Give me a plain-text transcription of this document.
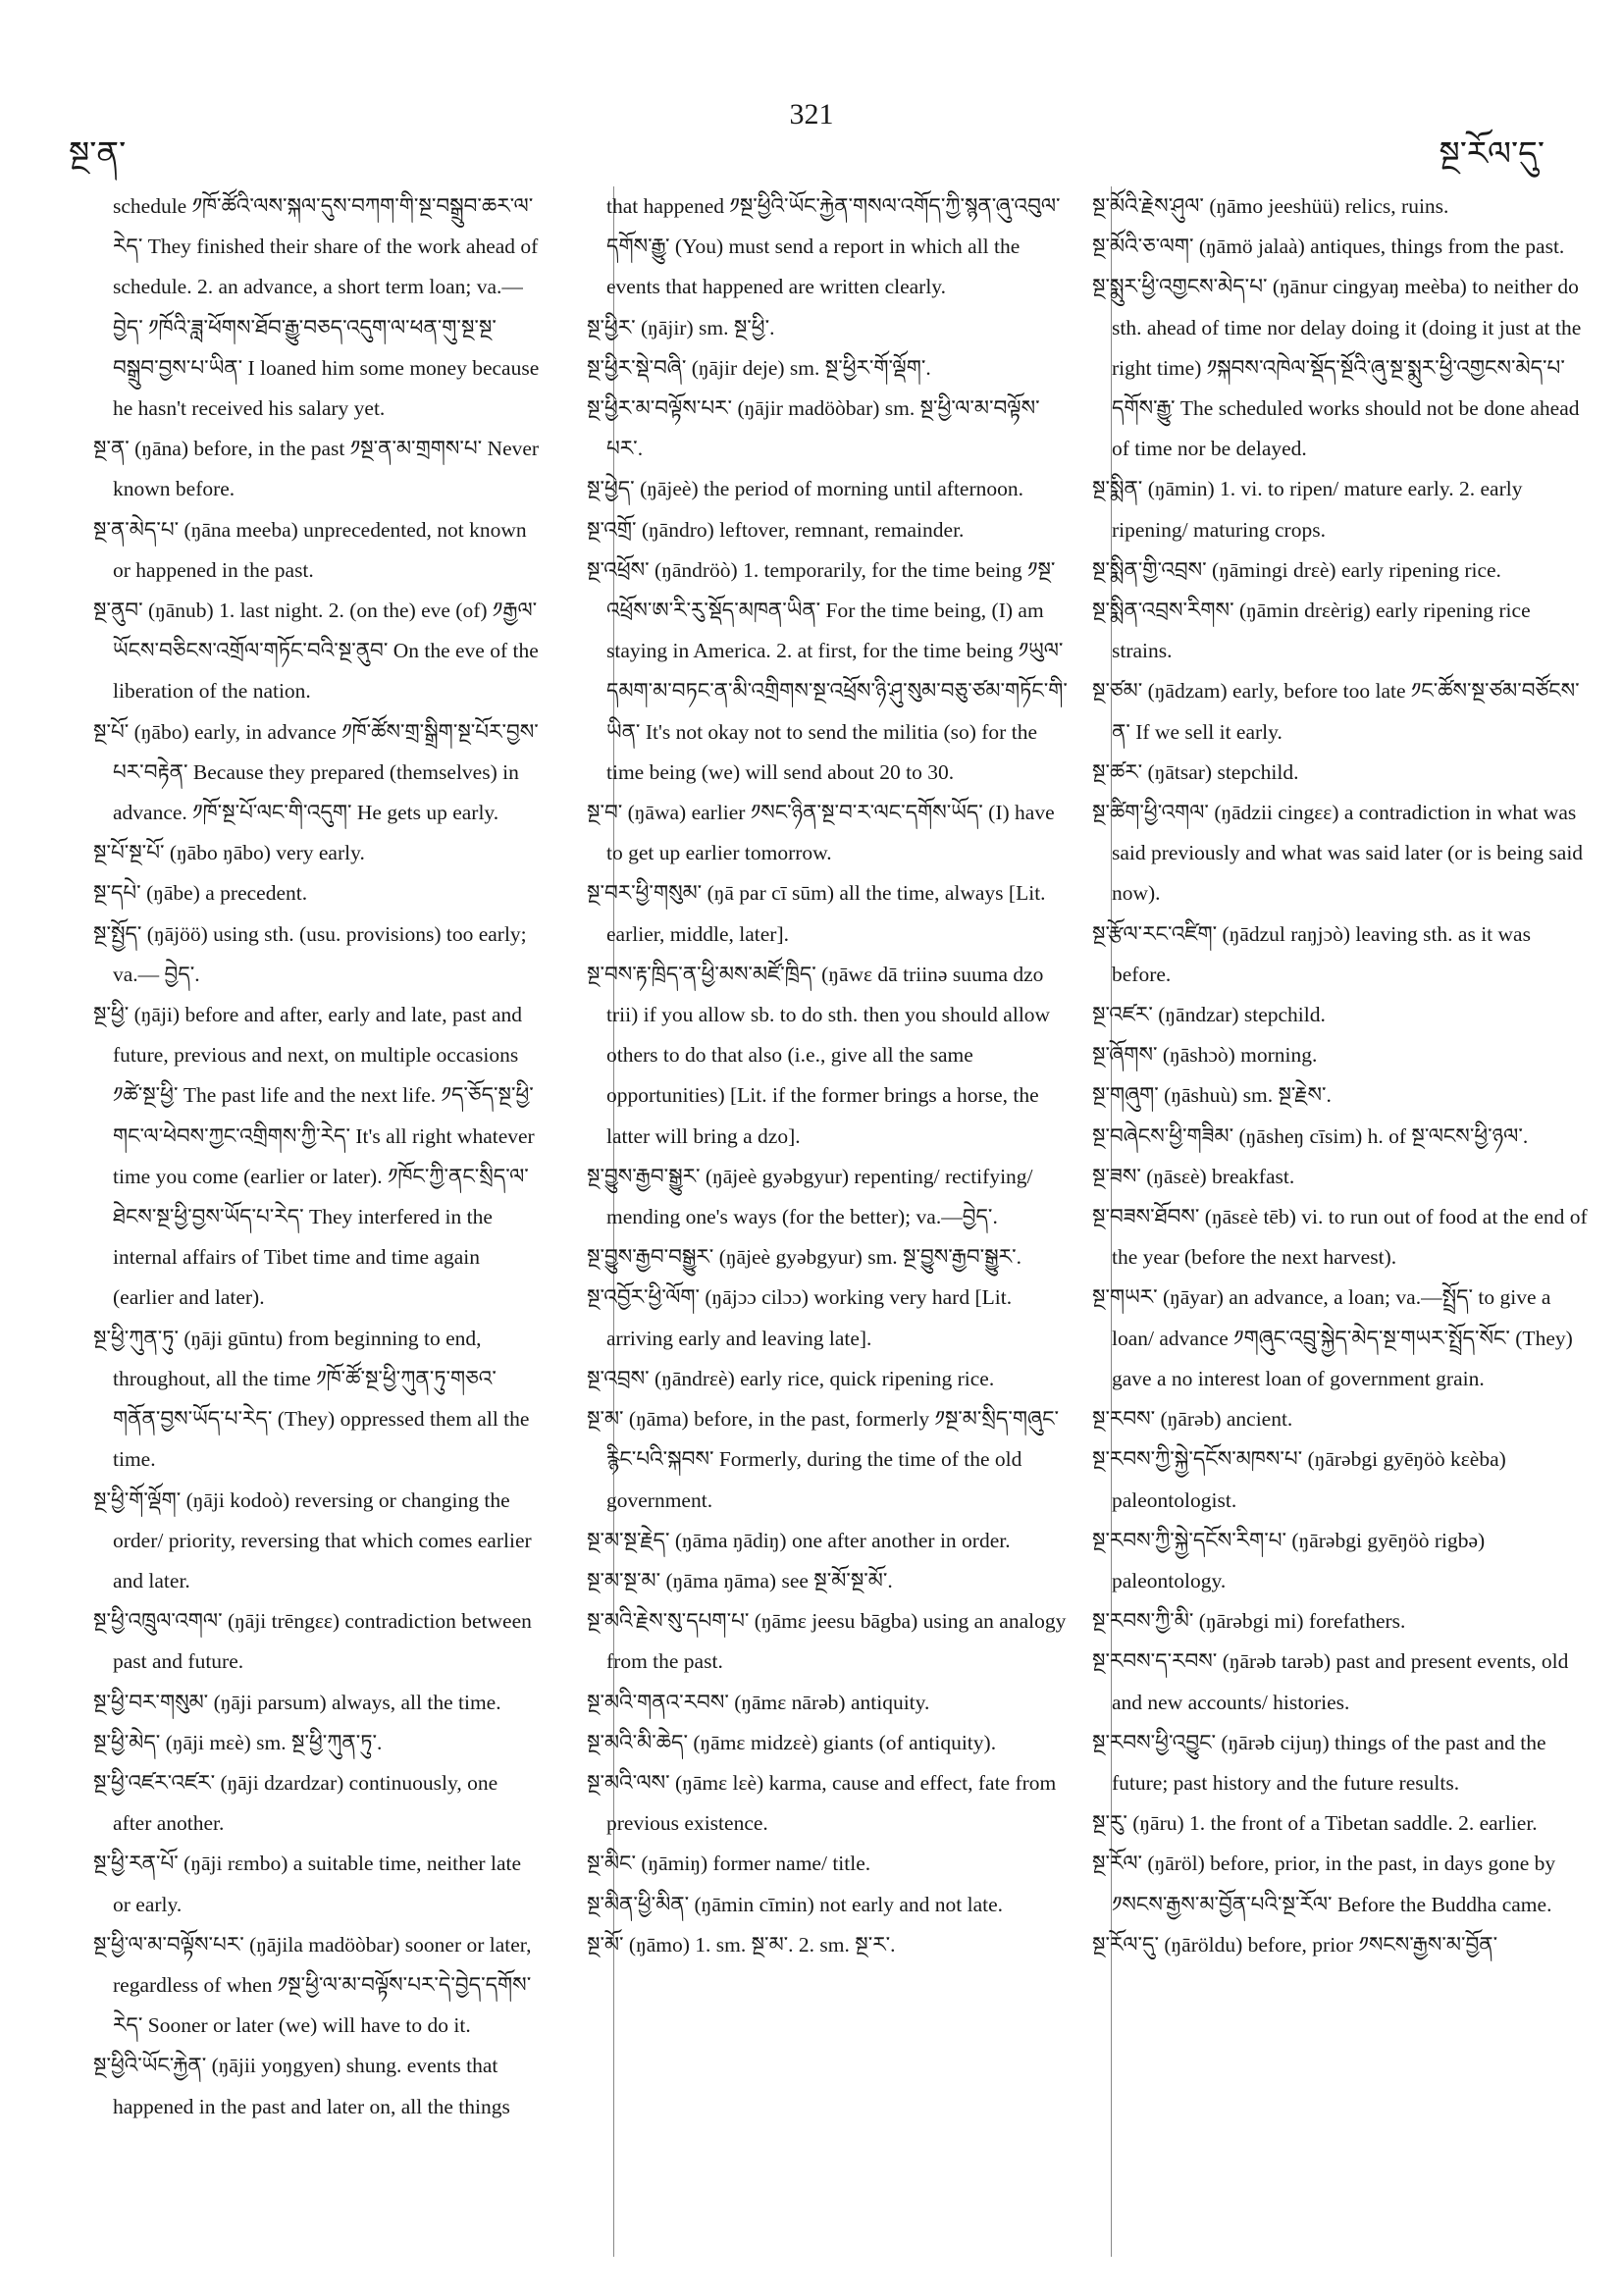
སྔ་ན་
321
སྔ་རོལ་དུ་

schedule ༡ཁོ་ཚོའི་ལས་སྐལ་དུས་བཀག་གི་སྔ་བསྒྲུབ་ཆར་ལ་རེད་ They finished their share of the work ahead of schedule. 2. an advance, a short term loan; va.—བྱེད་ ༡ཁོའི་ཟླ་ཕོགས་ཐོབ་རྒྱུ་བཅད་འདུག་ལ་ཕན་གུ་སྔ་སྔ་བསྒྲུབ་བྱས་པ་ཡིན་ I loaned him some money because he hasn't received his salary yet.

སྔ་ན་ (ŋāna) before, in the past ༡སྔ་ན་མ་གྲགས་པ་ Never known before.

སྔ་ན་མེད་པ་ (ŋāna meeba) unprecedented, not known or happened in the past.

སྔ་ནུབ་ (ŋānub) 1. last night. 2. (on the) eve (of) ༡རྒྱལ་ཡོངས་བཅིངས་འགྲོལ་གཏོང་བའི་སྔ་ནུབ་ On the eve of the liberation of the nation.

སྔ་པོ་ (ŋābo) early, in advance ༡ཁོ་ཚོས་གྲ་སྒྲིག་སྔ་པོར་བྱས་པར་བརྟེན་ Because they prepared (themselves) in advance. ༡ཁོ་སྔ་པོ་ལང་གི་འདུག་ He gets up early.

སྔ་པོ་སྔ་པོ་ (ŋābo ŋābo) very early.

སྔ་དཔེ་ (ŋābe) a precedent.

སྔ་སྤྱོད་ (ŋājöö) using sth. (usu. provisions) too early; va.— བྱེད་.

སྔ་ཕྱི་ (ŋāji) before and after, early and late, past and future, previous and next, on multiple occasions ༡ཚེ་སྔ་ཕྱི་ The past life and the next life. ༡ད་ཅོད་སྔ་ཕྱི་གང་ལ་ཕེབས་ཀྱང་འགྲིགས་ཀྱི་རེད་ It's all right whatever time you come (earlier or later). ༡ཁོང་ཀྱི་ནང་སྲིད་ལ་ཐེངས་སྔ་ཕྱི་བྱས་ཡོད་པ་རེད་ They interfered in the internal affairs of Tibet time and time again (earlier and later).

སྔ་ཕྱི་ཀུན་ཏུ་ (ŋāji gūntu) from beginning to end, throughout, all the time ༡ཁོ་ཚོ་སྔ་ཕྱི་ཀུན་ཏུ་གཅའ་གནོན་བྱས་ཡོད་པ་རེད་ (They) oppressed them all the time.

སྔ་ཕྱི་གོ་ལྡོག་ (ŋāji kodoò) reversing or changing the order/ priority, reversing that which comes earlier and later.

སྔ་ཕྱི་འཁྲུལ་འགལ་ (ŋāji trēngεε) contradiction between past and future.

སྔ་ཕྱི་བར་གསུམ་ (ŋāji parsum) always, all the time.

སྔ་ཕྱི་མེད་ (ŋāji mεè) sm. སྔ་ཕྱི་ཀུན་ཏུ་.

སྔ་ཕྱི་འཛར་འཛར་ (ŋāji dzardzar) continuously, one after another.

སྔ་ཕྱི་རན་པོ་ (ŋāji rεmbo) a suitable time, neither late or early.

སྔ་ཕྱི་ལ་མ་བལྟོས་པར་ (ŋājila madöòbar) sooner or later, regardless of when ༡སྔ་ཕྱི་ལ་མ་བལྟོས་པར་དེ་བྱེད་དགོས་རེད་ Sooner or later (we) will have to do it.

སྔ་ཕྱིའི་ཡོང་རྐྱེན་ (ŋājii yoŋgyen) shung. events that happened in the past and later on, all the things

that happened ༡སྔ་ཕྱིའི་ཡོང་རྐྱེན་གསལ་འགོད་ཀྱི་སྙན་ཞུ་འབུལ་དགོས་རྒྱུ་ (You) must send a report in which all the events that happened are written clearly.

སྔ་ཕྱིར་ (ŋājir) sm. སྔ་ཕྱི་.

སྔ་ཕྱིར་སྡེ་བཞི་ (ŋājir deje) sm. སྔ་ཕྱིར་གོ་ལྡོག་.

སྔ་ཕྱིར་མ་བལྟོས་པར་ (ŋājir madöòbar) sm. སྔ་ཕྱི་ལ་མ་བལྟོས་པར་.

སྔ་ཕྱེད་ (ŋājeè) the period of morning until afternoon.

སྔ་འགྲོ་ (ŋāndro) leftover, remnant, remainder.

སྔ་འཕྲོས་ (ŋāndröò) 1. temporarily, for the time being ༡སྔ་འཕྲོས་ཨ་རི་རུ་སྡོད་མཁན་ཡིན་ For the time being, (I) am staying in America. 2. at first, for the time being ༡ཡུལ་དམག་མ་བཏང་ན་མི་འགྲིགས་སྔ་འཕྲོས་ཉི་ཤུ་སུམ་བཅུ་ཙམ་གཏོང་གི་ཡིན་ It's not okay not to send the militia (so) for the time being (we) will send about 20 to 30.

སྔ་བ་ (ŋāwa) earlier ༡སང་ཉིན་སྔ་བ་ར་ལང་དགོས་ཡོད་ (I) have to get up earlier tomorrow.

སྔ་བར་ཕྱི་གསུམ་ (ŋā par cī sūm) all the time, always [Lit. earlier, middle, later].

སྔ་བས་རྟ་ཁྲིད་ན་ཕྱི་མས་མཛོ་ཁྲིད་ (ŋāwε dā triinə suuma dzo trii) if you allow sb. to do sth. then you should allow others to do that also (i.e., give all the same opportunities) [Lit. if the former brings a horse, the latter will bring a dzo].

སྔ་བྱུས་རྒྱབ་སྒྱུར་ (ŋājeè gyəbgyur) repenting/ rectifying/ mending one's ways (for the better); va.—བྱེད་.

སྔ་བྱུས་རྒྱབ་བསྒྱུར་ (ŋājeè gyəbgyur) sm. སྔ་བྱུས་རྒྱབ་སྒྱུར་.

སྔ་འབྱོར་ཕྱི་ལོག་ (ŋājɔɔ cilɔɔ) working very hard [Lit. arriving early and leaving late].

སྔ་འབྲས་ (ŋāndrεè) early rice, quick ripening rice.

སྔ་མ་ (ŋāma) before, in the past, formerly ༡སྔ་མ་སྲིད་གཞུང་རྙིང་པའི་སྐབས་ Formerly, during the time of the old government.

སྔ་མ་སྔ་རྗེད་ (ŋāma ŋādiŋ) one after another in order.

སྔ་མ་སྔ་མ་ (ŋāma ŋāma) see སྔ་མོ་སྔ་མོ་.

སྔ་མའི་རྗེས་སུ་དཔག་པ་ (ŋāmε jeesu bāgba) using an analogy from the past.

སྔ་མའི་གནའ་རབས་ (ŋāmε nārəb) antiquity.

སྔ་མའི་མི་ཆེད་ (ŋāmε midzεè) giants (of antiquity).

སྔ་མའི་ལས་ (ŋāmε lεè) karma, cause and effect, fate from previous existence.

སྔ་མིང་ (ŋāmiŋ) former name/ title.

སྔ་མིན་ཕྱི་མིན་ (ŋāmin cīmin) not early and not late.

སྔ་མོ་ (ŋāmo) 1. sm. སྔ་མ་. 2. sm. སྔ་ར་.

སྔ་མོའི་རྗེས་ཤུལ་ (ŋāmo jeeshüü) relics, ruins.

སྔ་མོའི་ཅ་ལག་ (ŋāmö jalaà) antiques, things from the past.

སྔ་སྨུར་ཕྱི་འགྱངས་མེད་པ་ (ŋānur cingyaŋ meèba) to neither do sth. ahead of time nor delay doing it (doing it just at the right time) ༡སྐབས་འཁེལ་སྡོད་སྔོའི་ཞུ་སྔ་སྨུར་ཕྱི་འགྱངས་མེད་པ་དགོས་རྒྱུ་ The scheduled works should not be done ahead of time nor be delayed.

སྔ་སྨིན་ (ŋāmin) 1. vi. to ripen/ mature early. 2. early ripening/ maturing crops.

སྔ་སྨིན་གྱི་འབྲས་ (ŋāmingi drεè) early ripening rice.

སྔ་སྨིན་འབྲས་རིགས་ (ŋāmin drεèrig) early ripening rice strains.

སྔ་ཙམ་ (ŋādzam) early, before too late ༡ང་ཚོས་སྔ་ཙམ་བཙོངས་ན་ If we sell it early.

སྔ་ཚར་ (ŋātsar) stepchild.

སྔ་ཚིག་ཕྱི་འགལ་ (ŋādzii cingεε) a contradiction in what was said previously and what was said later (or is being said now).

སྔ་རྩོལ་རང་འཛིག་ (ŋādzul raŋjɔò) leaving sth. as it was before.

སྔ་འཛར་ (ŋāndzar) stepchild.

སྔ་ཞོགས་ (ŋāshɔò) morning.

སྔ་གཞུག་ (ŋāshuù) sm. སྔ་རྗེས་.

སྔ་བཞེངས་ཕྱི་གཟིམ་ (ŋāsheŋ cīsim) h. of སྔ་ལངས་ཕྱི་ཉལ་.

སྔ་ཟས་ (ŋāsεè) breakfast.

སྔ་བཟས་ཐོབས་ (ŋāsεè tēb) vi. to run out of food at the end of the year (before the next harvest).

སྔ་གཡར་ (ŋāyar) an advance, a loan; va.—སྤྲོད་ to give a loan/ advance ༡གཞུང་འབྲུ་སྐྱེད་མེད་སྔ་གཡར་སྤྲོད་སོང་ (They) gave a no interest loan of government grain.

སྔ་རབས་ (ŋārəb) ancient.

སྔ་རབས་ཀྱི་སྐྱེ་དངོས་མཁས་པ་ (ŋārəbgi gyēŋöò kεèba) paleontologist.

སྔ་རབས་ཀྱི་སྐྱེ་དངོས་རིག་པ་ (ŋārəbgi gyēŋöò rigbə) paleontology.

སྔ་རབས་ཀྱི་མི་ (ŋārəbgi mi) forefathers.

སྔ་རབས་ད་རབས་ (ŋārəb tarəb) past and present events, old and new accounts/ histories.

སྔ་རབས་ཕྱི་འབྱུང་ (ŋārəb cijuŋ) things of the past and the future; past history and the future results.

སྔ་རུ་ (ŋāru) 1. the front of a Tibetan saddle. 2. earlier.

སྔ་རོལ་ (ŋāröl) before, prior, in the past, in days gone by ༡སངས་རྒྱས་མ་བྱོན་པའི་སྔ་རོལ་ Before the Buddha came.

སྔ་རོལ་དུ་ (ŋāröldu) before, prior ༡སངས་རྒྱས་མ་བྱོན་
